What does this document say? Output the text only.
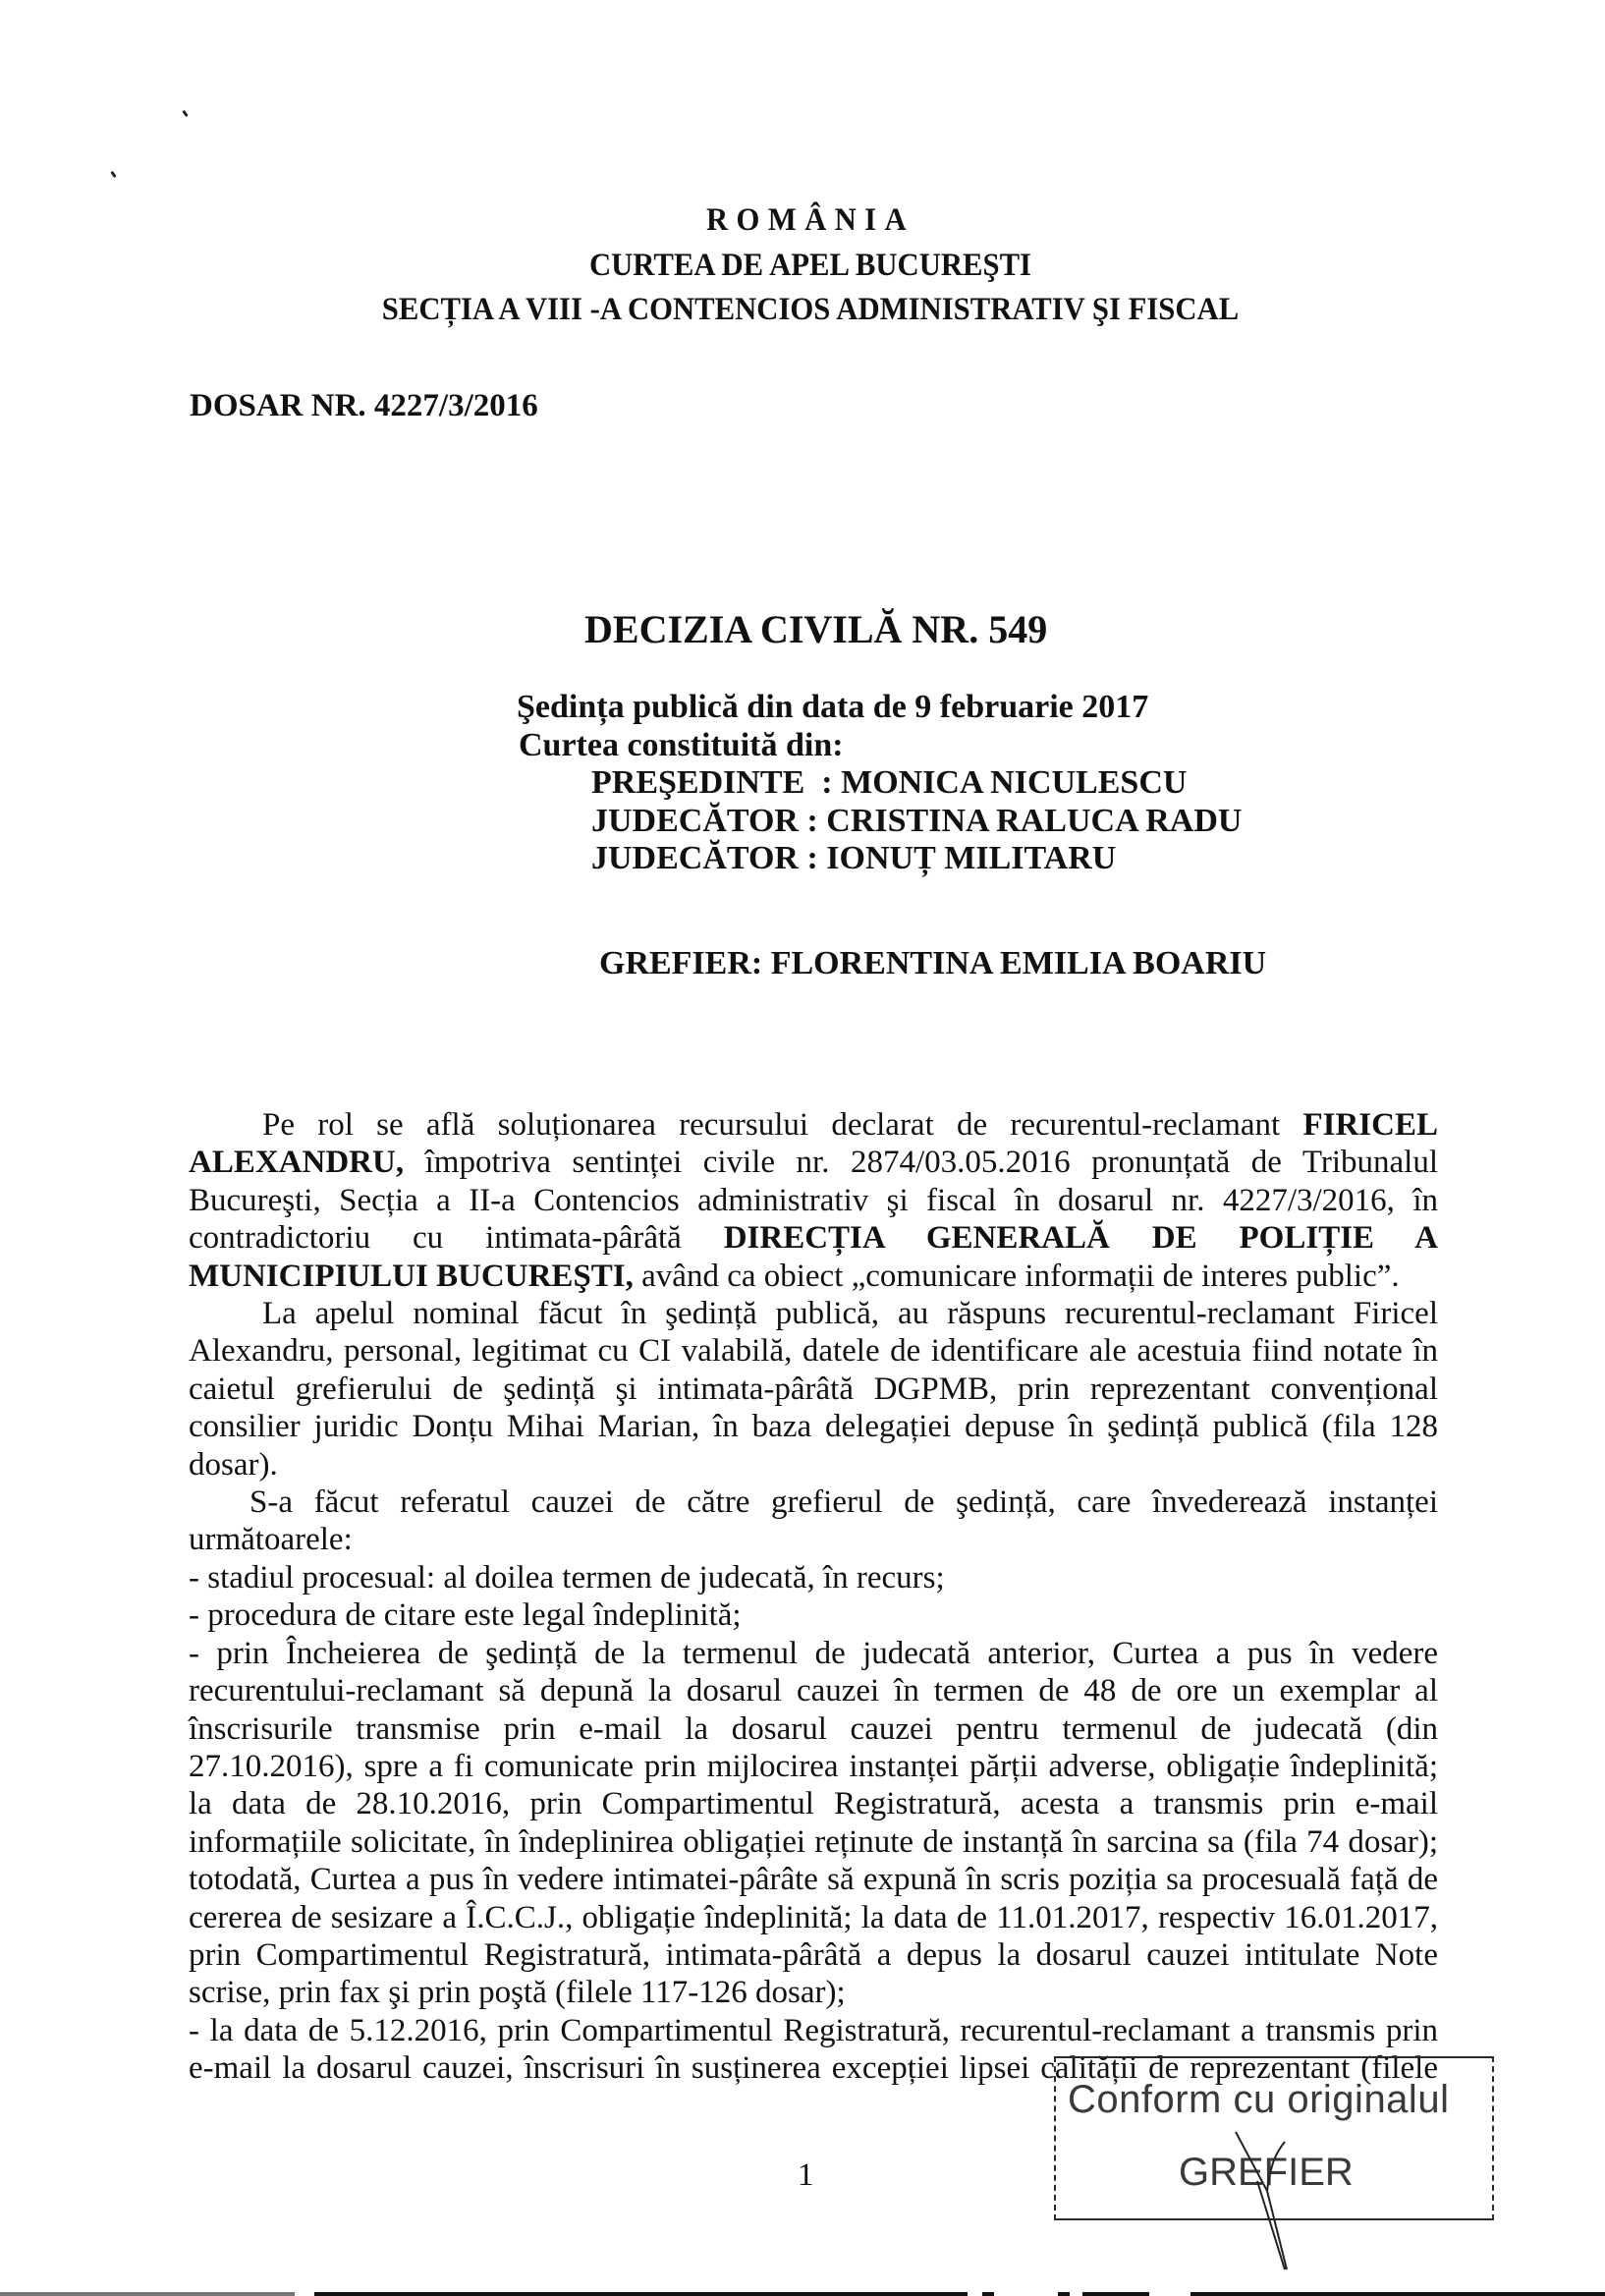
ROMÂNIA
CURTEA DE APEL BUCUREŞTI
SECȚIA A VIII -A CONTENCIOS ADMINISTRATIV ŞI FISCAL
DOSAR NR. 4227/3/2016
DECIZIA CIVILĂ NR. 549
Şedința publică din data de 9 februarie 2017
Curtea constituită din:
PREŞEDINTE  : MONICA NICULESCU
JUDECĂTOR : CRISTINA RALUCA RADU
JUDECĂTOR : IONUȚ MILITARU
GREFIER: FLORENTINA EMILIA BOARIU

Pe rol se află soluționarea recursului declarat de recurentul-reclamant FIRICEL ALEXANDRU, împotriva sentinței civile nr. 2874/03.05.2016 pronunțată de Tribunalul Bucureşti, Secția a II-a Contencios administrativ şi fiscal în dosarul nr. 4227/3/2016, în contradictoriu cu intimata-pârâtă DIRECȚIA GENERALĂ DE POLIȚIE A MUNICIPIULUI BUCUREŞTI, având ca obiect „comunicare informații de interes public”.

La apelul nominal făcut în şedință publică, au răspuns recurentul-reclamant Firicel Alexandru, personal, legitimat cu CI valabilă, datele de identificare ale acestuia fiind notate în caietul grefierului de şedință şi intimata-pârâtă DGPMB, prin reprezentant convențional consilier juridic Donțu Mihai Marian, în baza delegației depuse în şedință publică (fila 128 dosar).

S-a făcut referatul cauzei de către grefierul de şedință, care învederează instanței următoarele:

- stadiul procesual: al doilea termen de judecată, în recurs;

- procedura de citare este legal îndeplinită;

- prin Încheierea de şedință de la termenul de judecată anterior, Curtea a pus în vedere recurentului-reclamant să depună la dosarul cauzei în termen de 48 de ore un exemplar al înscrisurile transmise prin e-mail la dosarul cauzei pentru termenul de judecată (din 27.10.2016), spre a fi comunicate prin mijlocirea instanței părții adverse, obligație îndeplinită; la data de 28.10.2016, prin Compartimentul Registratură, acesta a transmis prin e-mail informațiile solicitate, în îndeplinirea obligației reținute de instanță în sarcina sa (fila 74 dosar); totodată, Curtea a pus în vedere intimatei-pârâte să expună în scris poziția sa procesuală față de cererea de sesizare a Î.C.C.J., obligație îndeplinită; la data de 11.01.2017, respectiv 16.01.2017, prin Compartimentul Registratură, intimata-pârâtă a depus la dosarul cauzei intitulate Note scrise, prin fax şi prin poştă (filele 117-126 dosar);

- la data de 5.12.2016, prin Compartimentul Registratură, recurentul-reclamant a transmis prin e-mail la dosarul cauzei, înscrisuri în susținerea excepției lipsei calității de reprezentant (filele

1
Conform cu originalul
GREFIER
